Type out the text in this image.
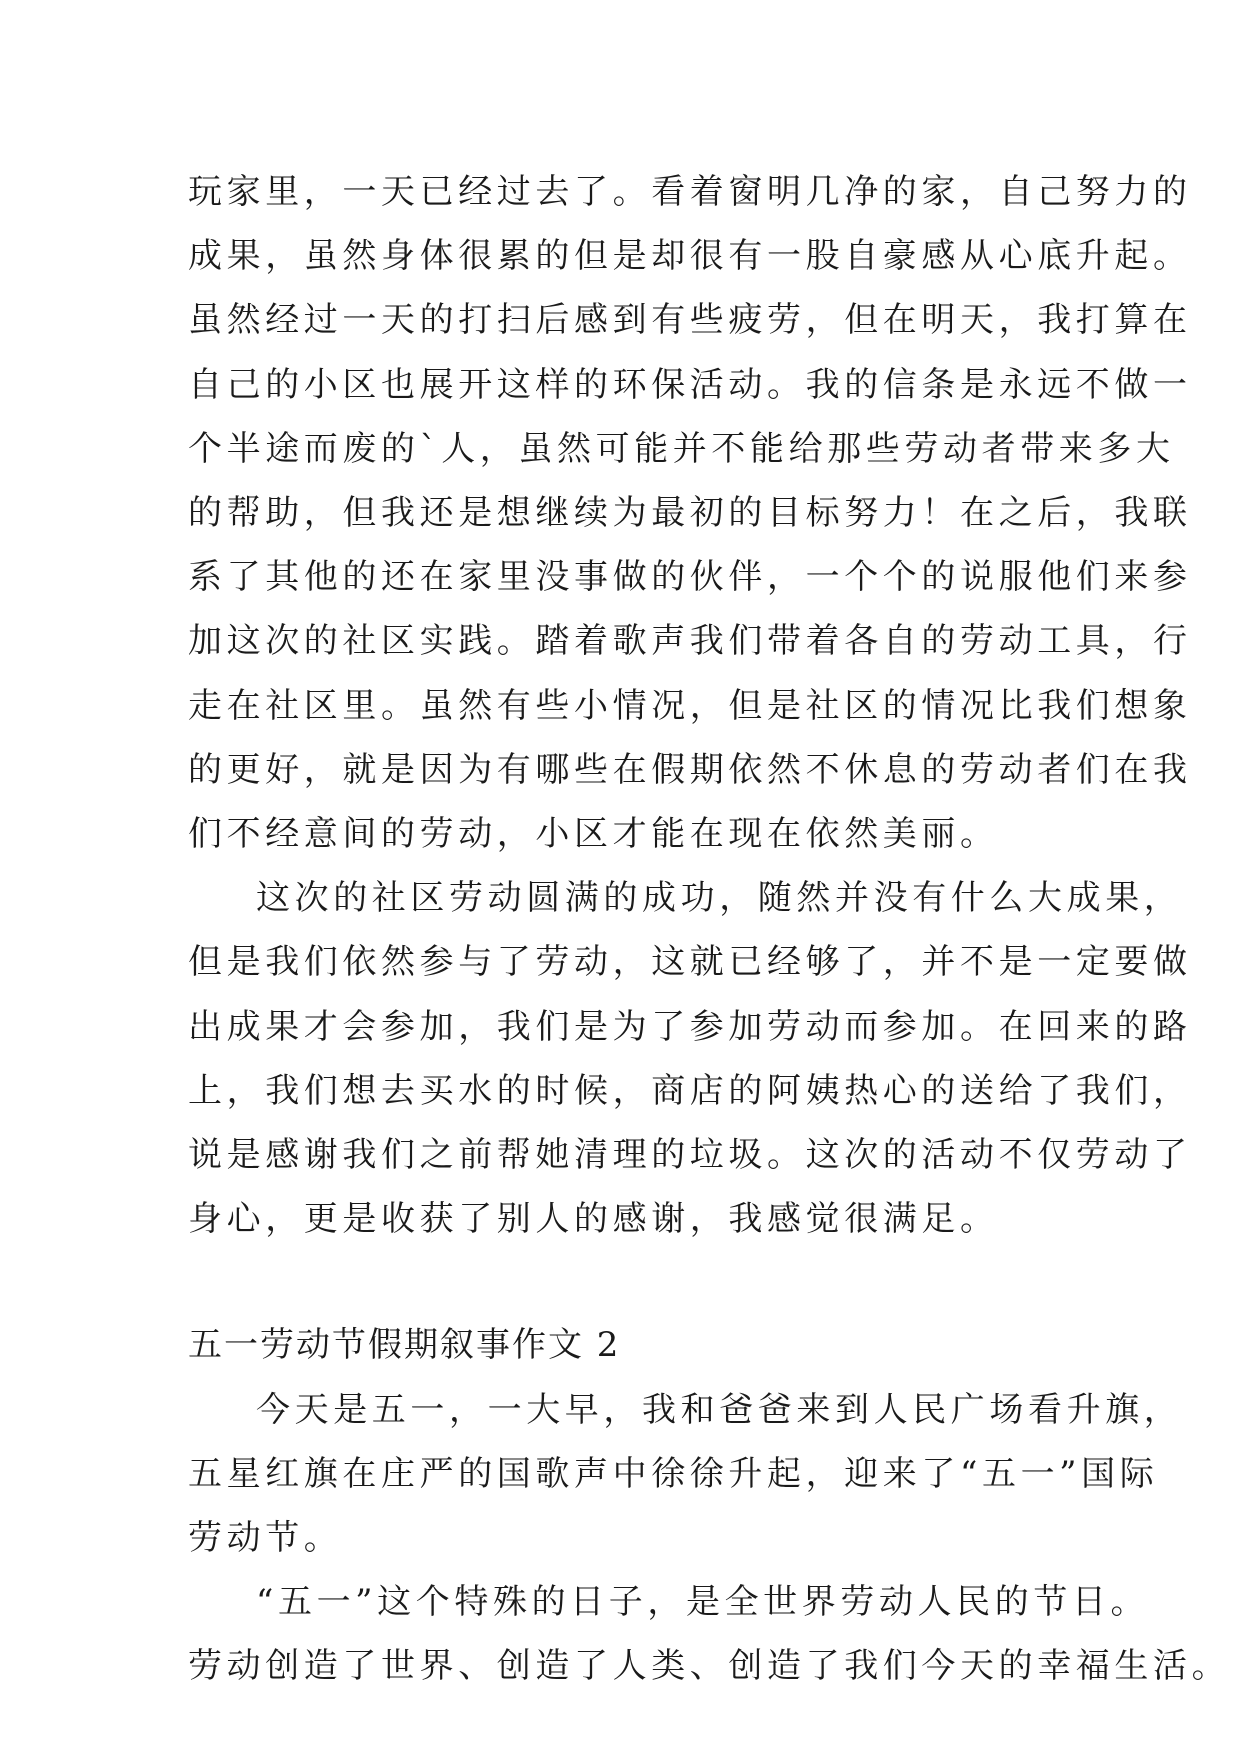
玩家里，一天已经过去了。看着窗明几净的家，自己努力的

成果，虽然身体很累的但是却很有一股自豪感从心底升起。

虽然经过一天的打扫后感到有些疲劳，但在明天，我打算在

自己的小区也展开这样的环保活动。我的信条是永远不做一

个半途而废的`人，虽然可能并不能给那些劳动者带来多大

的帮助，但我还是想继续为最初的目标努力！在之后，我联

系了其他的还在家里没事做的伙伴，一个个的说服他们来参

加这次的社区实践。踏着歌声我们带着各自的劳动工具，行

走在社区里。虽然有些小情况，但是社区的情况比我们想象

的更好，就是因为有哪些在假期依然不休息的劳动者们在我

们不经意间的劳动，小区才能在现在依然美丽。

这次的社区劳动圆满的成功，随然并没有什么大成果，

但是我们依然参与了劳动，这就已经够了，并不是一定要做

出成果才会参加，我们是为了参加劳动而参加。在回来的路

上，我们想去买水的时候，商店的阿姨热心的送给了我们，

说是感谢我们之前帮她清理的垃圾。这次的活动不仅劳动了

身心，更是收获了别人的感谢，我感觉很满足。

五一劳动节假期叙事作文 2

今天是五一，一大早，我和爸爸来到人民广场看升旗，

五星红旗在庄严的国歌声中徐徐升起，迎来了“五一”国际

劳动节。

“五一”这个特殊的日子，是全世界劳动人民的节日。

劳动创造了世界、创造了人类、创造了我们今天的幸福生活。
